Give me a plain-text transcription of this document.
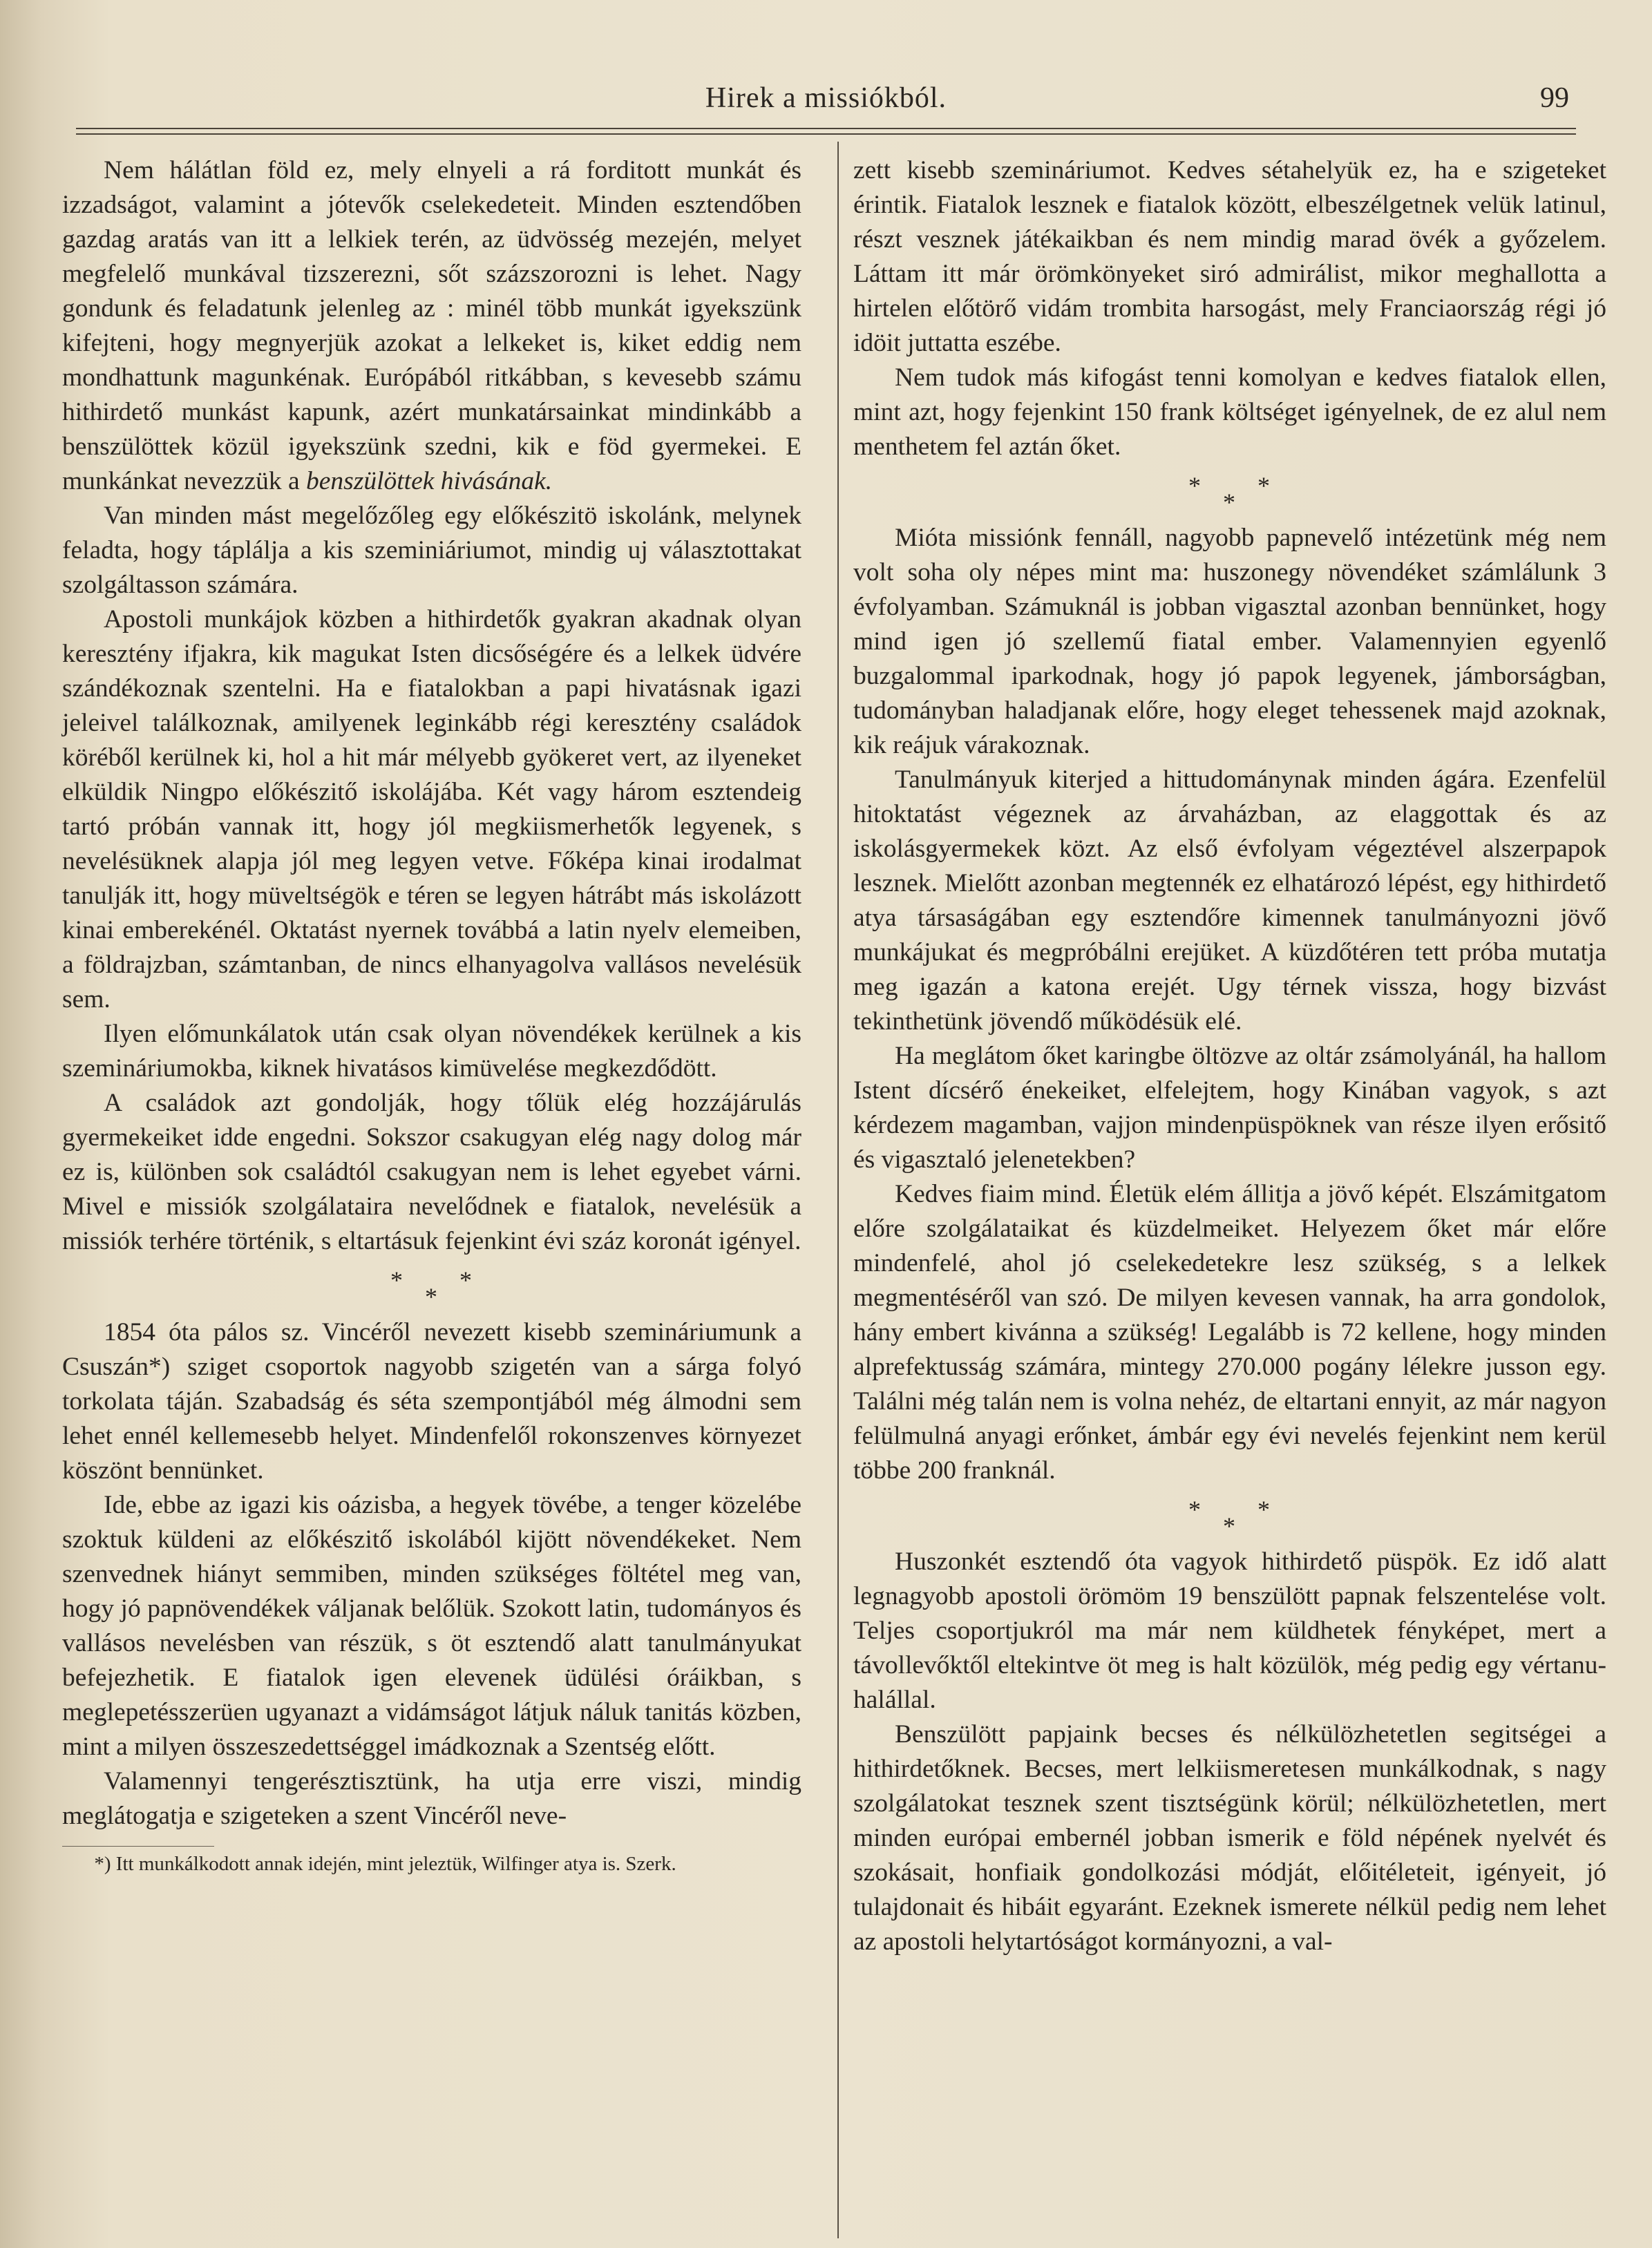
Hirek a missiókból.	99

Nem hálátlan föld ez, mely elnyeli a rá forditott munkát és izzadságot, valamint a jótevők cselekedeteit. Minden esztendőben gazdag aratás van itt a lelkiek terén, az üdvösség mezején, melyet megfelelő munkával tizszerezni, sőt százszorozni is lehet. Nagy gondunk és feladatunk jelenleg az : minél több munkát igyekszünk kifejteni, hogy megnyerjük azokat a lelkeket is, kiket eddig nem mondhattunk magunkénak. Európából ritkábban, s kevesebb számu hithirdető munkást kapunk, azért munkatársainkat mindinkább a benszülöttek közül igyekszünk szedni, kik e föd gyermekei. E munkánkat nevezzük a benszülöttek hivásának.

Van minden mást megelőzőleg egy előkészitö iskolánk, melynek feladta, hogy táplálja a kis szeminiáriumot, mindig uj választottakat szolgáltasson számára.

Apostoli munkájok közben a hithirdetők gyakran akadnak olyan keresztény ifjakra, kik magukat Isten dicsőségére és a lelkek üdvére szándékoznak szentelni. Ha e fiatalokban a papi hivatásnak igazi jeleivel találkoznak, amilyenek leginkább régi keresztény családok köréből kerülnek ki, hol a hit már mélyebb gyökeret vert, az ilyeneket elküldik Ningpo előkészitő iskolájába. Két vagy három esztendeig tartó próbán vannak itt, hogy jól megkiismerhetők legyenek, s nevelésüknek alapja jól meg legyen vetve. Főképa kinai irodalmat tanulják itt, hogy müveltségök e téren se legyen hátrábt más iskolázott kinai emberekénél. Oktatást nyernek továbbá a latin nyelv elemeiben, a földrajzban, számtanban, de nincs elhanyagolva vallásos nevelésük sem.

Ilyen előmunkálatok után csak olyan növendékek kerülnek a kis szemináriumokba, kiknek hivatásos kimüvelése megkezdődött.

A családok azt gondolják, hogy tőlük elég hozzájárulás gyermekeiket idde engedni. Sokszor csakugyan elég nagy dolog már ez is, különben sok családtól csakugyan nem is lehet egyebet várni. Mivel e missiók szolgálataira nevelődnek e fiatalok, nevelésük a missiók terhére történik, s eltartásuk fejenkint évi száz koronát igényel.

*
*
*

1854 óta pálos sz. Vincéről nevezett kisebb szemináriumunk a Csuszán*) sziget csoportok nagyobb szigetén van a sárga folyó torkolata táján. Szabadság és séta szempontjából még álmodni sem lehet ennél kellemesebb helyet. Mindenfelől rokonszenves környezet köszönt bennünket.

Ide, ebbe az igazi kis oázisba, a hegyek tövébe, a tenger közelébe szoktuk küldeni az előkészitő iskolából kijött növendékeket. Nem szenvednek hiányt semmiben, minden szükséges föltétel meg van, hogy jó papnövendékek váljanak belőlük. Szokott latin, tudományos és vallásos nevelésben van részük, s öt esztendő alatt tanulmányukat befejezhetik. E fiatalok igen elevenek üdülési óráikban, s meglepetésszerüen ugyanazt a vidámságot látjuk náluk tanitás közben, mint a milyen összeszedettséggel imádkoznak a Szentség előtt.

Valamennyi tengerésztisztünk, ha utja erre viszi, mindig meglátogatja e szigeteken a szent Vincéről neve-

*) Itt munkálkodott annak idején, mint jeleztük, Wilfinger atya is. Szerk.

zett kisebb szemináriumot. Kedves sétahelyük ez, ha e szigeteket érintik. Fiatalok lesznek e fiatalok között, elbeszélgetnek velük latinul, részt vesznek játékaikban és nem mindig marad övék a győzelem. Láttam itt már örömkönyeket siró admirálist, mikor meghallotta a hirtelen előtörő vidám trombita harsogást, mely Franciaország régi jó idöit juttatta eszébe.

Nem tudok más kifogást tenni komolyan e kedves fiatalok ellen, mint azt, hogy fejenkint 150 frank költséget igényelnek, de ez alul nem menthetem fel aztán őket.

*
*
*

Mióta missiónk fennáll, nagyobb papnevelő intézetünk még nem volt soha oly népes mint ma: huszonegy növendéket számlálunk 3 évfolyamban. Számuknál is jobban vigasztal azonban bennünket, hogy mind igen jó szellemű fiatal ember. Valamennyien egyenlő buzgalommal iparkodnak, hogy jó papok legyenek, jámborságban, tudományban haladjanak előre, hogy eleget tehessenek majd azoknak, kik reájuk várakoznak.

Tanulmányuk kiterjed a hittudománynak minden ágára. Ezenfelül hitoktatást végeznek az árvaházban, az elaggottak és az iskolásgyermekek közt. Az első évfolyam végeztével alszerpapok lesznek. Mielőtt azonban megtennék ez elhatározó lépést, egy hithirdető atya társaságában egy esztendőre kimennek tanulmányozni jövő munkájukat és megpróbálni erejüket. A küzdőtéren tett próba mutatja meg igazán a katona erejét. Ugy térnek vissza, hogy bizvást tekinthetünk jövendő működésük elé.

Ha meglátom őket karingbe öltözve az oltár zsámolyánál, ha hallom Istent dícsérő énekeiket, elfelejtem, hogy Kinában vagyok, s azt kérdezem magamban, vajjon mindenpüspöknek van része ilyen erősitő és vigasztaló jelenetekben?

Kedves fiaim mind. Életük elém állitja a jövő képét. Elszámitgatom előre szolgálataikat és küzdelmeiket. Helyezem őket már előre mindenfelé, ahol jó cselekedetekre lesz szükség, s a lelkek megmentéséről van szó. De milyen kevesen vannak, ha arra gondolok, hány embert kivánna a szükség! Legalább is 72 kellene, hogy minden alprefektusság számára, mintegy 270.000 pogány lélekre jusson egy. Találni még talán nem is volna nehéz, de eltartani ennyit, az már nagyon felülmulná anyagi erőnket, ámbár egy évi nevelés fejenkint nem kerül többe 200 franknál.

*
*
*

Huszonkét esztendő óta vagyok hithirdető püspök. Ez idő alatt legnagyobb apostoli örömöm 19 benszülött papnak felszentelése volt. Teljes csoportjukról ma már nem küldhetek fényképet, mert a távollevőktől eltekintve öt meg is halt közülök, még pedig egy vértanu-halállal.

Benszülött papjaink becses és nélkülözhetetlen segitségei a hithirdetőknek. Becses, mert lelkiismeretesen munkálkodnak, s nagy szolgálatokat tesznek szent tisztségünk körül; nélkülözhetetlen, mert minden európai embernél jobban ismerik e föld népének nyelvét és szokásait, honfiaik gondolkozási módját, előitéleteit, igényeit, jó tulajdonait és hibáit egyaránt. Ezeknek ismerete nélkül pedig nem lehet az apostoli helytartóságot kormányozni, a val-
